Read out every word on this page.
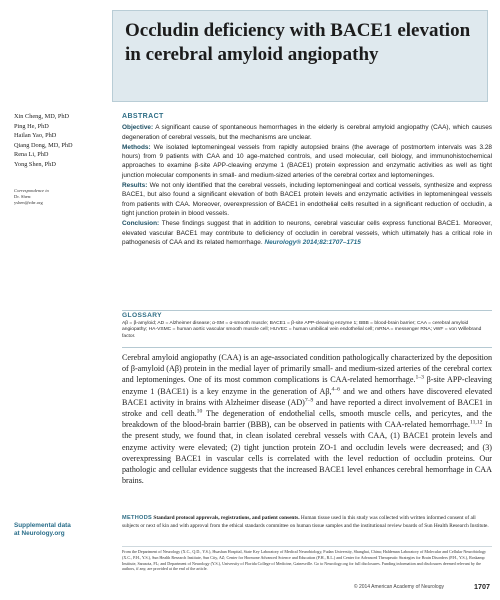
Occludin deficiency with BACE1 elevation in cerebral amyloid angiopathy
Xin Cheng, MD, PhD
Ping He, PhD
Hailan Yao, PhD
Qiang Dong, MD, PhD
Rena Li, PhD
Yong Shen, PhD
Correspondence to
Dr. Shen:
yshen@rdrr.org
ABSTRACT

Objective: A significant cause of spontaneous hemorrhages in the elderly is cerebral amyloid angiopathy (CAA), which causes degeneration of cerebral vessels, but the mechanisms are unclear.

Methods: We isolated leptomeningeal vessels from rapidly autopsied brains (the average of postmortem intervals was 3.28 hours) from 9 patients with CAA and 10 age-matched controls, and used molecular, cell biology, and immunohistochemical approaches to examine β-site APP-cleaving enzyme 1 (BACE1) protein expression and enzymatic activities as well as tight junction molecular components in small- and medium-sized arteries of the cerebral cortex and leptomeninges.

Results: We not only identified that the cerebral vessels, including leptomeningeal and cortical vessels, synthesize and express BACE1, but also found a significant elevation of both BACE1 protein levels and enzymatic activities in leptomeningeal vessels from patients with CAA. Moreover, overexpression of BACE1 in endothelial cells resulted in a significant reduction of occludin, a tight junction protein in blood vessels.

Conclusion: These findings suggest that in addition to neurons, cerebral vascular cells express functional BACE1. Moreover, elevated vascular BACE1 may contribute to deficiency of occludin in cerebral vessels, which ultimately has a critical role in pathogenesis of CAA and its related hemorrhage. Neurology® 2014;82:1707–1715

GLOSSARY
Aβ = β-amyloid; AD = Alzheimer disease; α-SM = α-smooth muscle; BACE1 = β-site APP-cleaving enzyme 1; BBB = blood-brain barrier; CAA = cerebral amyloid angiopathy; HA-VSMC = human aortic vascular smooth muscle cell; HUVEC = human umbilical vein endothelial cell; mRNA = messenger RNA; vWF = von Willebrand factor.

Cerebral amyloid angiopathy (CAA) is an age-associated condition pathologically characterized by the deposition of β-amyloid (Aβ) protein in the medial layer of primarily small- and medium-sized arteries of the cerebral cortex and leptomeninges. One of its most common complications is CAA-related hemorrhage.$^{1-3}$ β-site APP-cleaving enzyme 1 (BACE1) is a key enzyme in the generation of Aβ,$^{4-6}$ and we and others have discovered elevated BACE1 activity in brains with Alzheimer disease (AD)$^{7-9}$ and have reported a direct involvement of BACE1 in stroke and cell death.$^{10}$ The degeneration of endothelial cells, smooth muscle cells, and pericytes, and the breakdown of the blood-brain barrier (BBB), can be observed in patients with CAA-related hemorrhage.$^{11,12}$ In the present study, we found that, in clean isolated cerebral vessels with CAA, (1) BACE1 protein levels and enzyme activity were elevated; (2) tight junction protein ZO-1 and occludin levels were decreased; and (3) overexpressing BACE1 in vascular cells is correlated with the level reduction of occludin proteins. Our pathologic and cellular evidence suggests that the increased BACE1 level enhances cerebral hemorrhage in CAA brains.

METHODS Standard protocol approvals, registrations, and patient consents. Human tissue used in this study was collected with written informed consent of all subjects or next of kin and with approval from the ethical standards committee on human tissue samples and the institutional review boards of Sun Health Research Institute.

Supplemental data
at Neurology.org

From the Department of Neurology (X.C., Q.D., Y.S.), Huashan Hospital, State Key Laboratory of Medical Neurobiology, Fudan University, Shanghai, China; Haldeman Laboratory of Molecular and Cellular Neurobiology (X.C., P.H., Y.S.), Sun Health Research Institute, Sun City, AZ; Center for Hormone Advanced Science and Education (P.H., R.L.) and Center for Advanced Therapeutic Strategies for Brain Disorders (P.H., Y.S.), Roskamp Institute, Sarasota, FL; and Department of Neurology (Y.S.), University of Florida College of Medicine, Gainesville. Go to Neurology.org for full disclosures. Funding information and disclosures deemed relevant by the authors, if any, are provided at the end of the article.

© 2014 American Academy of Neurology	1707
